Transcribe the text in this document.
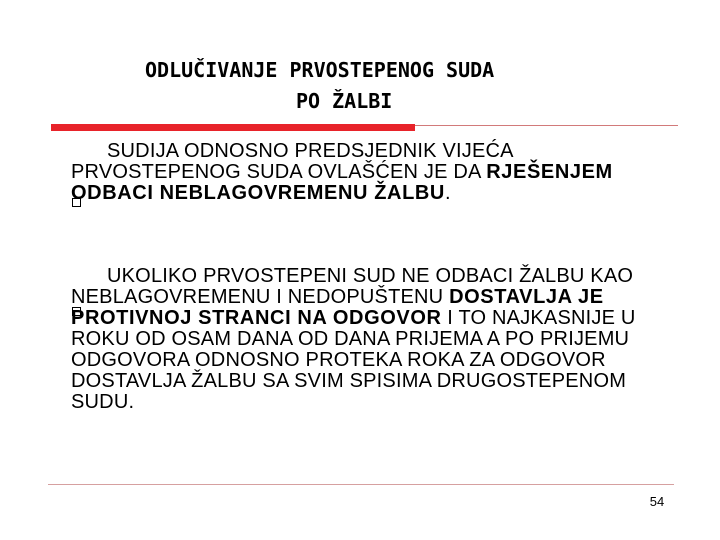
ODLUČIVANJE PRVOSTEPENOG SUDA
PO ŽALBI
SUDIJA ODNOSNO PREDSJEDNIK VIJEĆA PRVOSTEPENOG SUDA OVLAŠĆEN JE DA RJEŠENJEM ODBACI NEBLAGOVREMENU ŽALBU.
UKOLIKO PRVOSTEPENI SUD NE ODBACI ŽALBU KAO NEBLAGOVREMENU I NEDOPUŠTENU DOSTAVLJA JE PROTIVNOJ STRANCI NA ODGOVOR I TO NAJKASNIJE U ROKU OD OSAM DANA OD DANA PRIJEMA A PO PRIJEMU ODGOVORA ODNOSNO PROTEKA ROKA ZA ODGOVOR DOSTAVLJA ŽALBU SA SVIM SPISIMA DRUGOSTEPENOM SUDU.
54
